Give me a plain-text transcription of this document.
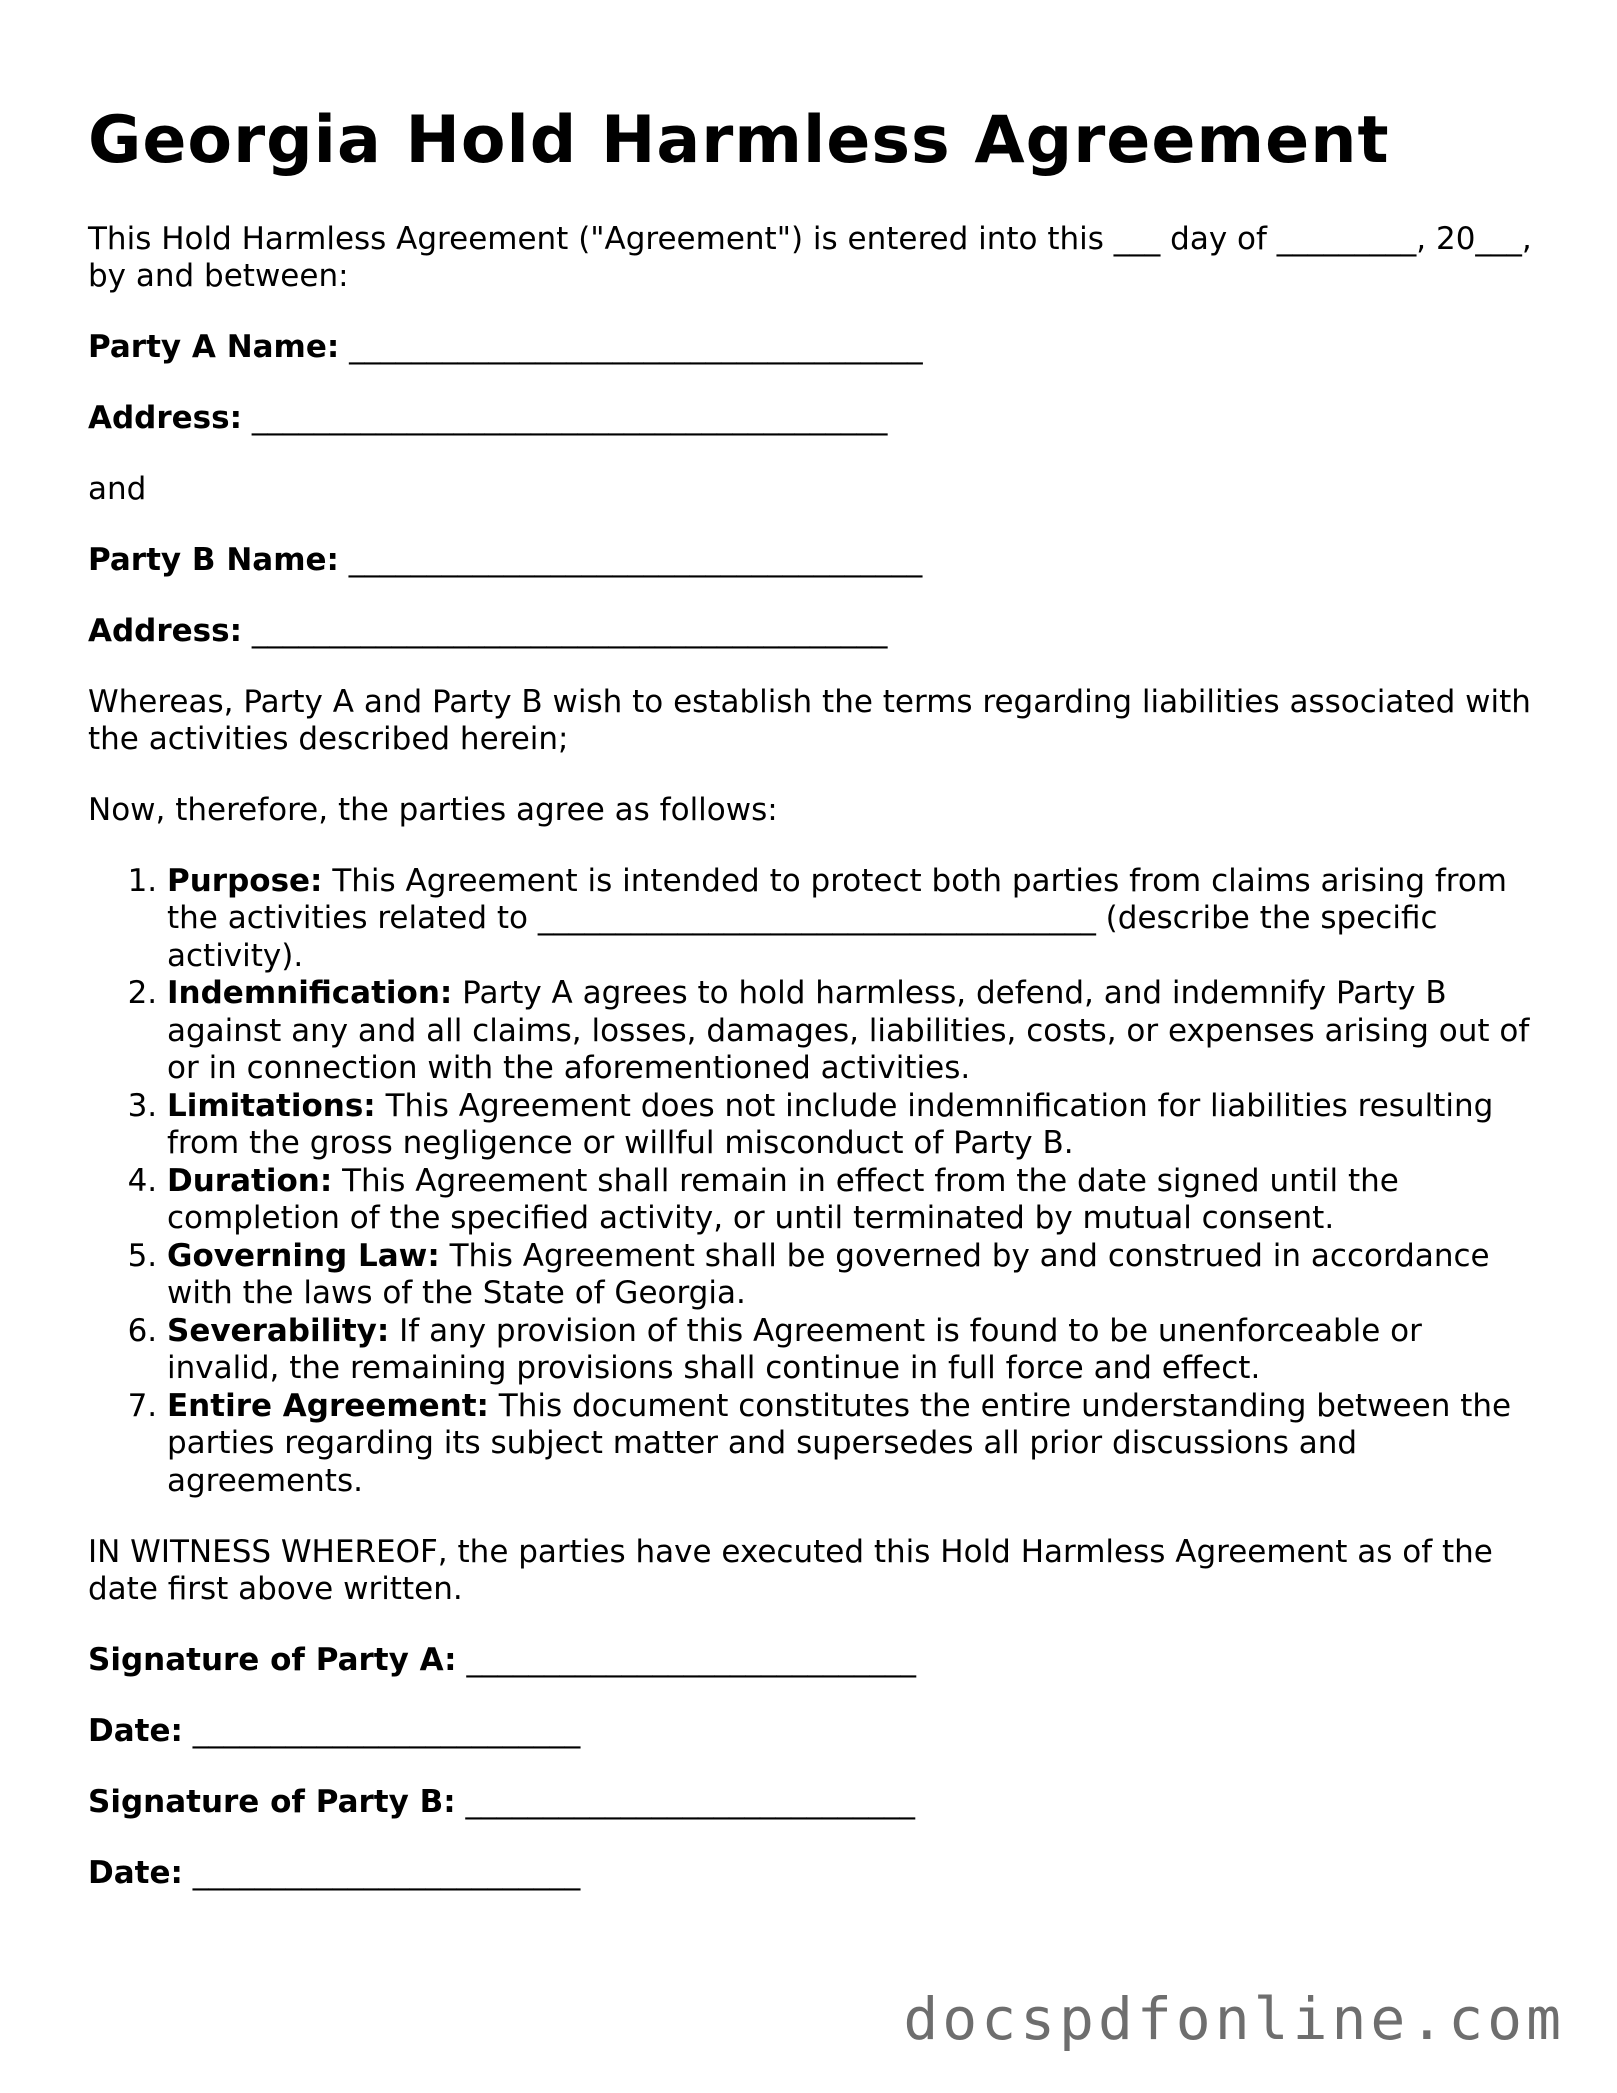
Georgia Hold Harmless Agreement

This Hold Harmless Agreement ("Agreement") is entered into this ___ day of _________, 20___, by and between:

Party A Name: _____________________________________

Address: _________________________________________

and

Party B Name: _____________________________________

Address: _________________________________________

Whereas, Party A and Party B wish to establish the terms regarding liabilities associated with the activities described herein;

Now, therefore, the parties agree as follows:

1. Purpose: This Agreement is intended to protect both parties from claims arising from the activities related to ____________________________________ (describe the specific activity).
2. Indemnification: Party A agrees to hold harmless, defend, and indemnify Party B against any and all claims, losses, damages, liabilities, costs, or expenses arising out of or in connection with the aforementioned activities.
3. Limitations: This Agreement does not include indemnification for liabilities resulting from the gross negligence or willful misconduct of Party B.
4. Duration: This Agreement shall remain in effect from the date signed until the completion of the specified activity, or until terminated by mutual consent.
5. Governing Law: This Agreement shall be governed by and construed in accordance with the laws of the State of Georgia.
6. Severability: If any provision of this Agreement is found to be unenforceable or invalid, the remaining provisions shall continue in full force and effect.
7. Entire Agreement: This document constitutes the entire understanding between the parties regarding its subject matter and supersedes all prior discussions and agreements.

IN WITNESS WHEREOF, the parties have executed this Hold Harmless Agreement as of the date first above written.

Signature of Party A: _____________________________

Date: _________________________

Signature of Party B: _____________________________

Date: _________________________

docspdfonline.com
